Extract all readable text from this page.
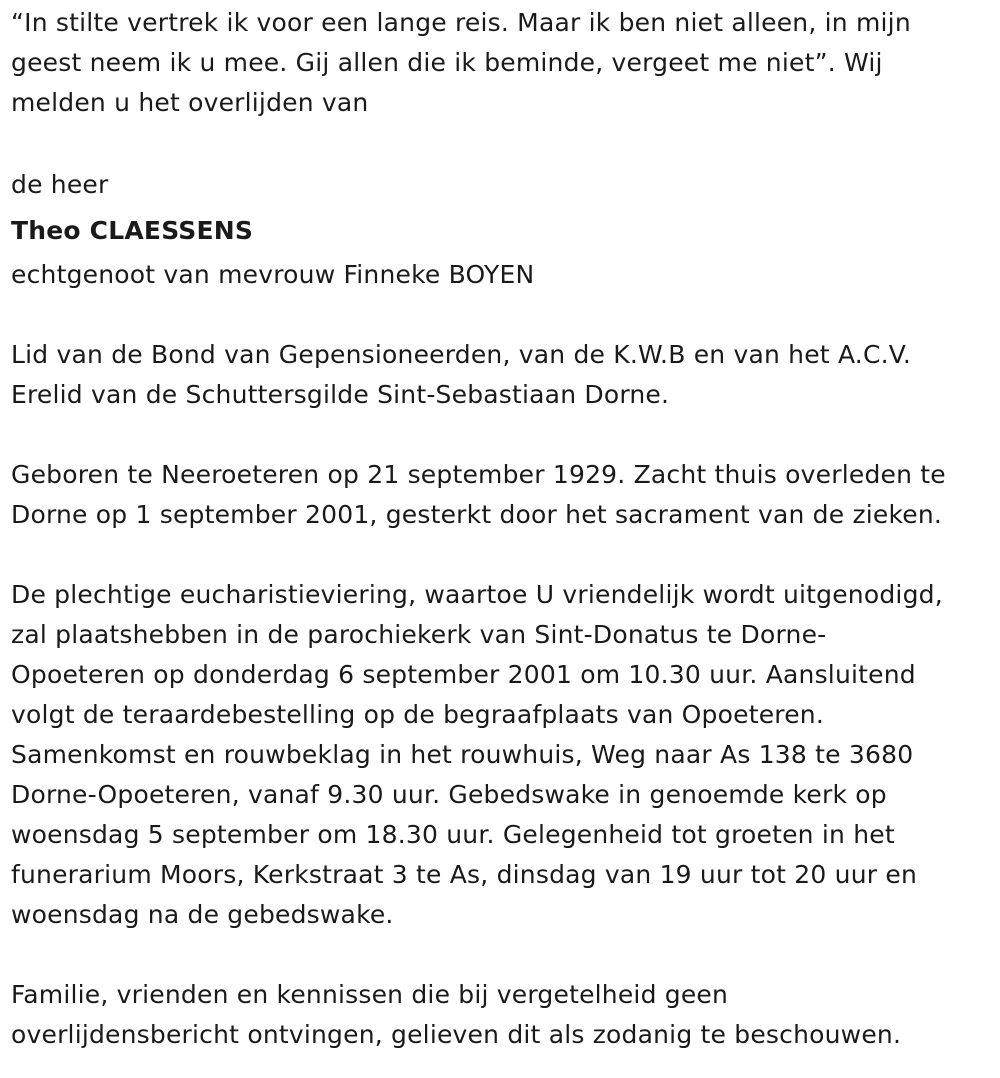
“In stilte vertrek ik voor een lange reis. Maar ik ben niet alleen, in mijn

geest neem ik u mee. Gij allen die ik beminde, vergeet me niet”. Wij

melden u het overlijden van

de heer

Theo CLAESSENS

echtgenoot van mevrouw Finneke BOYEN

Lid van de Bond van Gepensioneerden, van de K.W.B en van het A.C.V.

Erelid van de Schuttersgilde Sint-Sebastiaan Dorne.

Geboren te Neeroeteren op 21 september 1929. Zacht thuis overleden te

Dorne op 1 september 2001, gesterkt door het sacrament van de zieken.

De plechtige eucharistieviering, waartoe U vriendelijk wordt uitgenodigd,

zal plaatshebben in de parochiekerk van Sint-Donatus te Dorne-

Opoeteren op donderdag 6 september 2001 om 10.30 uur. Aansluitend

volgt de teraardebestelling op de begraafplaats van Opoeteren.

Samenkomst en rouwbeklag in het rouwhuis, Weg naar As 138 te 3680

Dorne-Opoeteren, vanaf 9.30 uur. Gebedswake in genoemde kerk op

woensdag 5 september om 18.30 uur. Gelegenheid tot groeten in het

funerarium Moors, Kerkstraat 3 te As, dinsdag van 19 uur tot 20 uur en

woensdag na de gebedswake.

Familie, vrienden en kennissen die bij vergetelheid geen

overlijdensbericht ontvingen, gelieven dit als zodanig te beschouwen.
